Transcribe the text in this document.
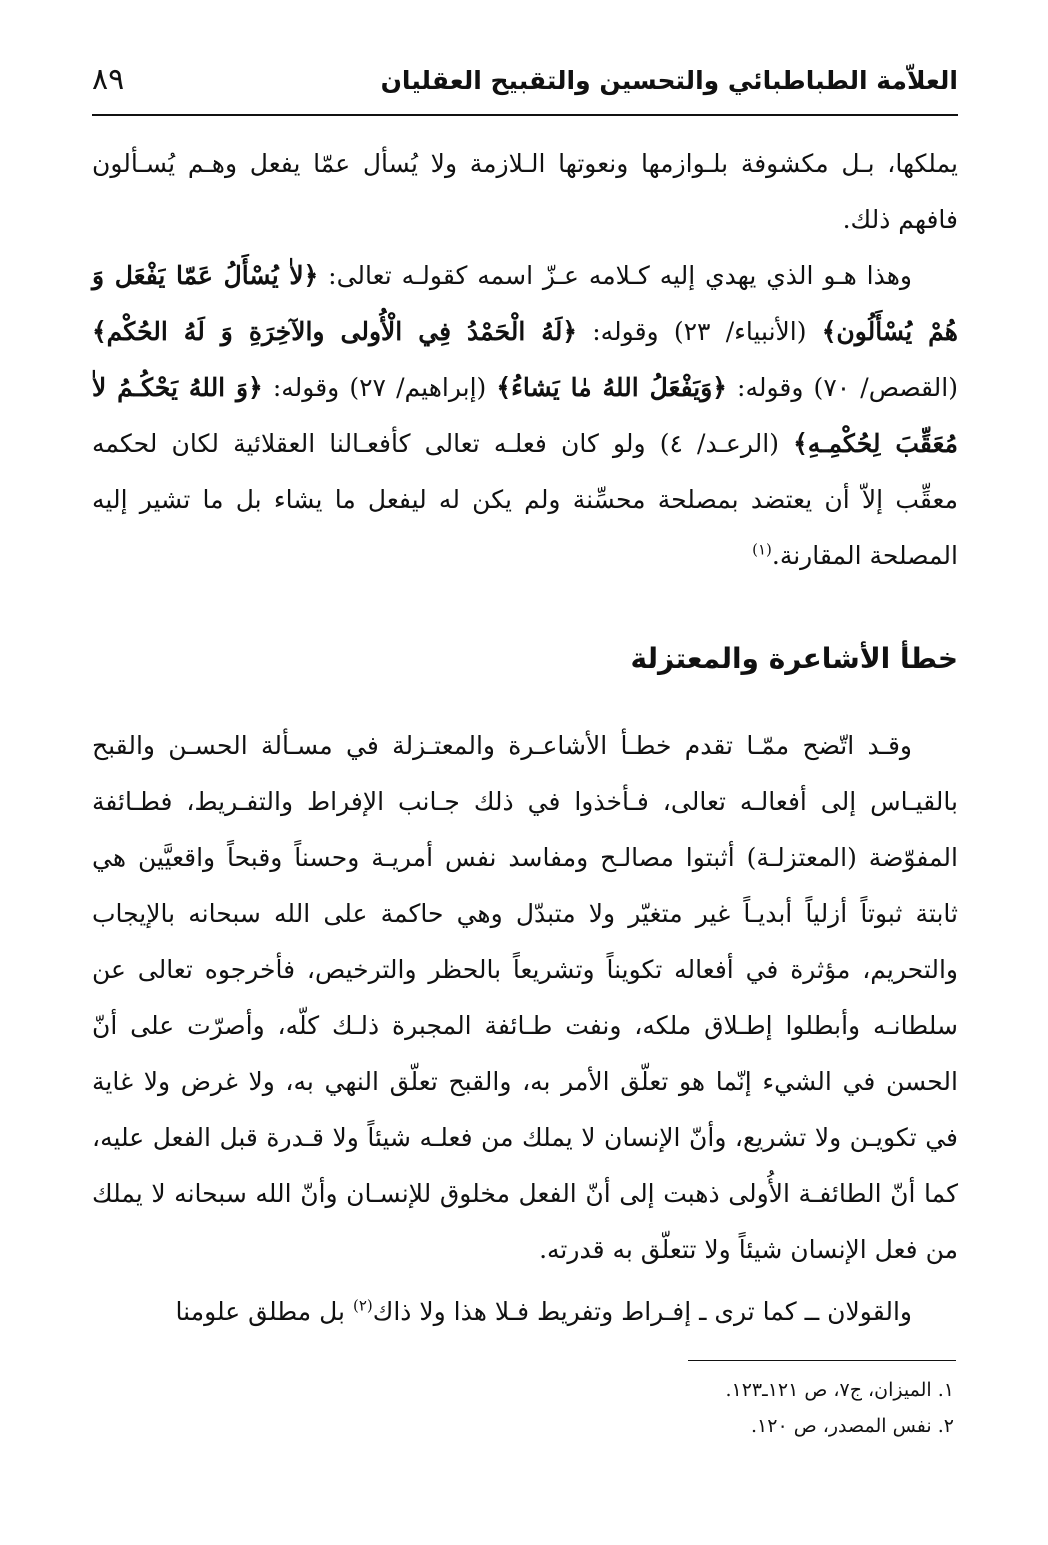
العلاّمة الطباطبائي والتحسين والتقبيح العقليان
٨٩

يملكها، بـل مكشوفة بلـوازمها ونعوتها الـلازمة ولا يُسأل عمّا يفعل وهـم يُسـألون فافهم ذلك.

وهذا هـو الذي يهدي إليه كـلامه عـزّ اسمه كقولـه تعالى: ﴿لاٰ يُسْأَلُ عَمّا يَفْعَل وَ هُمْ يُسْأَلُون﴾ (الأنبياء/ ٢٣) وقوله: ﴿لَهُ الْحَمْدُ فِي الْأُولى والآخِرَةِ وَ لَهُ الحُكْم﴾ (القصص/ ٧٠) وقوله: ﴿وَيَفْعَلُ اللهُ مٰا يَشاءُ﴾ (إبراهيم/ ٢٧) وقوله: ﴿وَ اللهُ يَحْكُـمُ لاٰ مُعَقِّبَ لِحُكْمِـهِ﴾ (الرعـد/ ٤) ولو كان فعلـه تعالى كأفعـالنا العقلائية لكان لحكمه معقِّب إلاّ أن يعتضد بمصلحة محسِّنة ولم يكن له ليفعل ما يشاء بل ما تشير إليه المصلحة المقارنة.$^{(١)}$

خطأ الأشاعرة والمعتزلة

وقـد اتّضح ممّـا تقدم خطـأ الأشاعـرة والمعتـزلة في مسـألة الحسـن والقبح بالقيـاس إلى أفعالـه تعالى، فـأخذوا في ذلك جـانب الإفراط والتفـريط، فطـائفة المفوّضة (المعتزلـة) أثبتوا مصالـح ومفاسد نفس أمريـة وحسناً وقبحاً واقعيَّين هي ثابتة ثبوتاً أزلياً أبديـاً غير متغيّر ولا متبدّل وهي حاكمة على الله سبحانه بالإيجاب والتحريم، مؤثرة في أفعاله تكويناً وتشريعاً بالحظر والترخيص، فأخرجوه تعالى عن سلطانـه وأبطلوا إطـلاق ملكه، ونفت طـائفة المجبرة ذلـك كلّه، وأصرّت على أنّ الحسن في الشيء إنّما هو تعلّق الأمر به، والقبح تعلّق النهي به، ولا غرض ولا غاية في تكويـن ولا تشريع، وأنّ الإنسان لا يملك من فعلـه شيئاً ولا قـدرة قبل الفعل عليه، كما أنّ الطائفـة الأُولى ذهبت إلى أنّ الفعل مخلوق للإنسـان وأنّ الله سبحانه لا يملك من فعل الإنسان شيئاً ولا تتعلّق به قدرته.

والقولان ــ كما ترى ـ إفـراط وتفريط فـلا هذا ولا ذاك$^{(٢)}$ بل مطلق علومنا

١. الميزان، ج٧، ص ١٢١ـ١٢٣.
٢. نفس المصدر، ص ١٢٠.
